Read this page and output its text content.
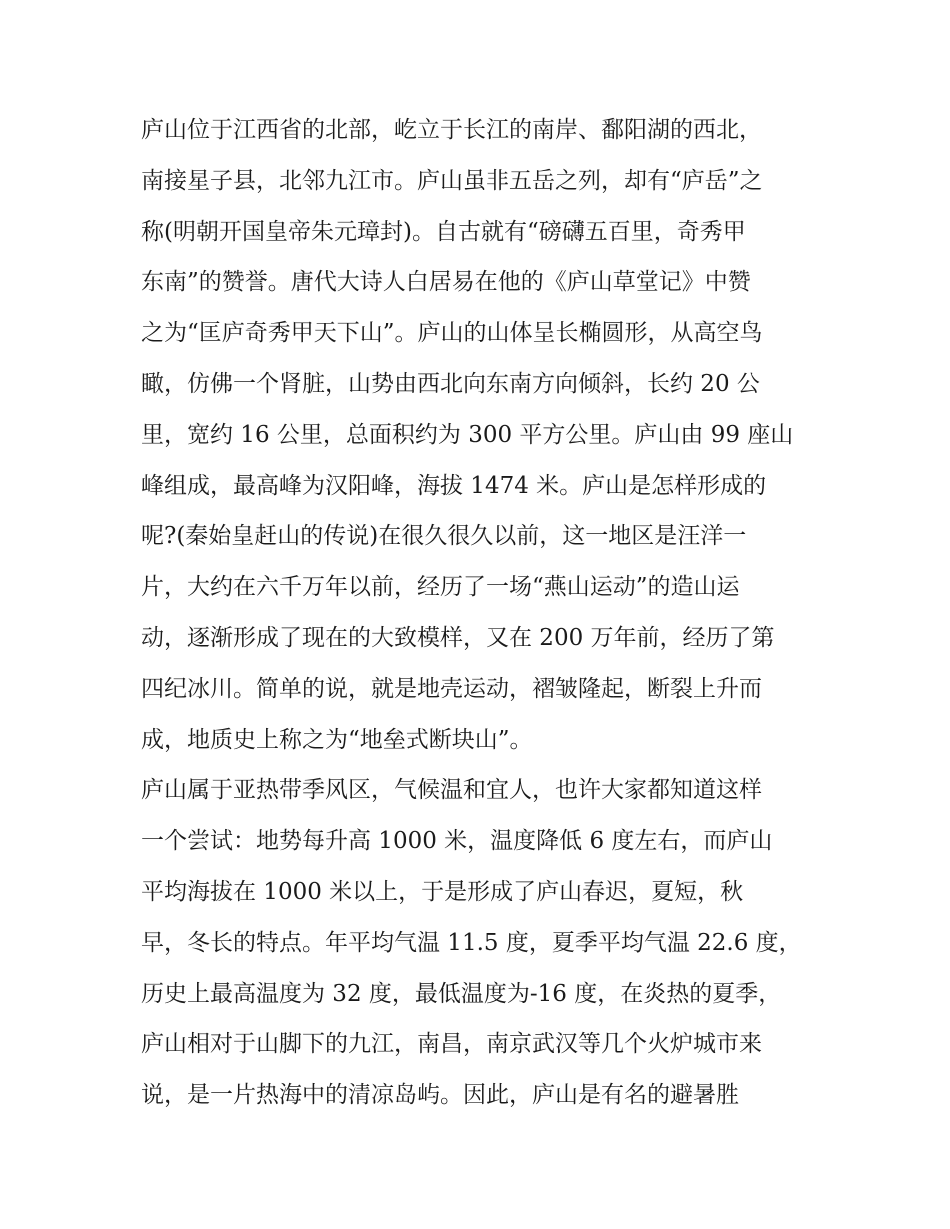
庐山位于江西省的北部，屹立于长江的南岸、鄱阳湖的西北，
南接星子县，北邻九江市。庐山虽非五岳之列，却有“庐岳”之
称(明朝开国皇帝朱元璋封)。自古就有“磅礴五百里，奇秀甲
东南”的赞誉。唐代大诗人白居易在他的《庐山草堂记》中赞
之为“匡庐奇秀甲天下山”。庐山的山体呈长椭圆形，从高空鸟
瞰，仿佛一个肾脏，山势由西北向东南方向倾斜，长约 20 公
里，宽约 16 公里，总面积约为 300 平方公里。庐山由 99 座山
峰组成，最高峰为汉阳峰，海拔 1474 米。庐山是怎样形成的
呢?(秦始皇赶山的传说)在很久很久以前，这一地区是汪洋一
片，大约在六千万年以前，经历了一场“燕山运动”的造山运
动，逐渐形成了现在的大致模样，又在 200 万年前，经历了第
四纪冰川。简单的说，就是地壳运动，褶皱隆起，断裂上升而
成，地质史上称之为“地垒式断块山”。
庐山属于亚热带季风区，气候温和宜人，也许大家都知道这样
一个尝试：地势每升高 1000 米，温度降低 6 度左右，而庐山
平均海拔在 1000 米以上，于是形成了庐山春迟，夏短，秋
早，冬长的特点。年平均气温 11.5 度，夏季平均气温 22.6 度，
历史上最高温度为 32 度，最低温度为-16 度，在炎热的夏季，
庐山相对于山脚下的九江，南昌，南京武汉等几个火炉城市来
说，是一片热海中的清凉岛屿。因此，庐山是有名的避暑胜
